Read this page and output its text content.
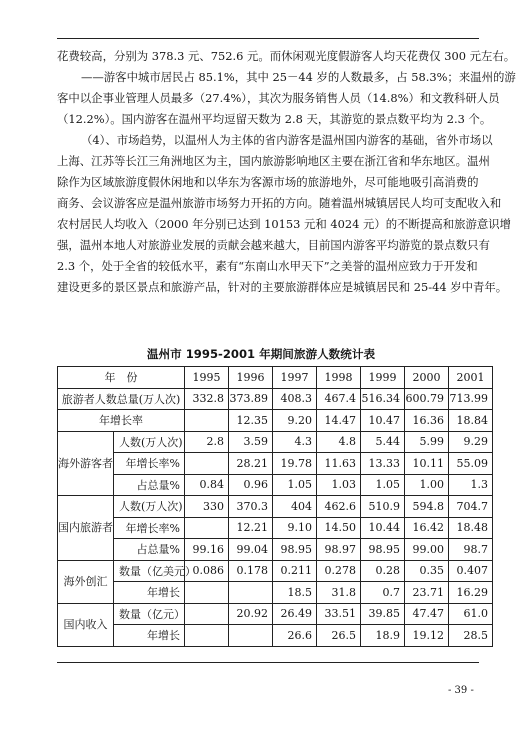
花费较高，分别为 378.3 元、752.6 元。而休闲观光度假游客人均天花费仅 300 元左右。

——游客中城市居民占 85.1%，其中 25－44 岁的人数最多，占 58.3%；来温州的游

客中以企事业管理人员最多（27.4%），其次为服务销售人员（14.8%）和文教科研人员

（12.2%）。国内游客在温州平均逗留天数为 2.8 天，其游览的景点数平均为 2.3 个。

（4）、市场趋势，以温州人为主体的省内游客是温州国内游客的基础，省外市场以

上海、江苏等长江三角洲地区为主，国内旅游影响地区主要在浙江省和华东地区。温州

除作为区域旅游度假休闲地和以华东为客源市场的旅游地外，尽可能地吸引高消费的

商务、会议游客应是温州旅游市场努力开拓的方向。随着温州城镇居民人均可支配收入和

农村居民人均收入（2000 年分别已达到 10153 元和 4024 元）的不断提高和旅游意识增

强，温州本地人对旅游业发展的贡献会越来越大，目前国内游客平均游览的景点数只有

2.3 个，处于全省的较低水平，素有“东南山水甲天下”之美誉的温州应致力于开发和

建设更多的景区景点和旅游产品，针对的主要旅游群体应是城镇居民和 25-44 岁中青年。

温州市 1995-2001 年期间旅游人数统计表
年　份		1995	1996	1997	1998	1999	2000	2001
旅游者人数总量(万人次)		332.8	373.89	408.3	467.4	516.34	600.79	713.99
年增长率			12.35	9.20	14.47	10.47	16.36	18.84
海外游客者	人数(万人次)	2.8	3.59	4.3	4.8	5.44	5.99	9.29
	年增长率%		28.21	19.78	11.63	13.33	10.11	55.09
	占总量%	0.84	0.96	1.05	1.03	1.05	1.00	1.3
国内旅游者	人数(万人次)	330	370.3	404	462.6	510.9	594.8	704.7
	年增长率%		12.21	9.10	14.50	10.44	16.42	18.48
	占总量%	99.16	99.04	98.95	98.97	98.95	99.00	98.7
海外创汇	数量（亿美元）	0.086	0.178	0.211	0.278	0.28	0.35	0.407
	年增长			18.5	31.8	0.7	23.71	16.29
国内收入	数量（亿元）		20.92	26.49	33.51	39.85	47.47	61.0
	年增长			26.6	26.5	18.9	19.12	28.5
- 39 -
